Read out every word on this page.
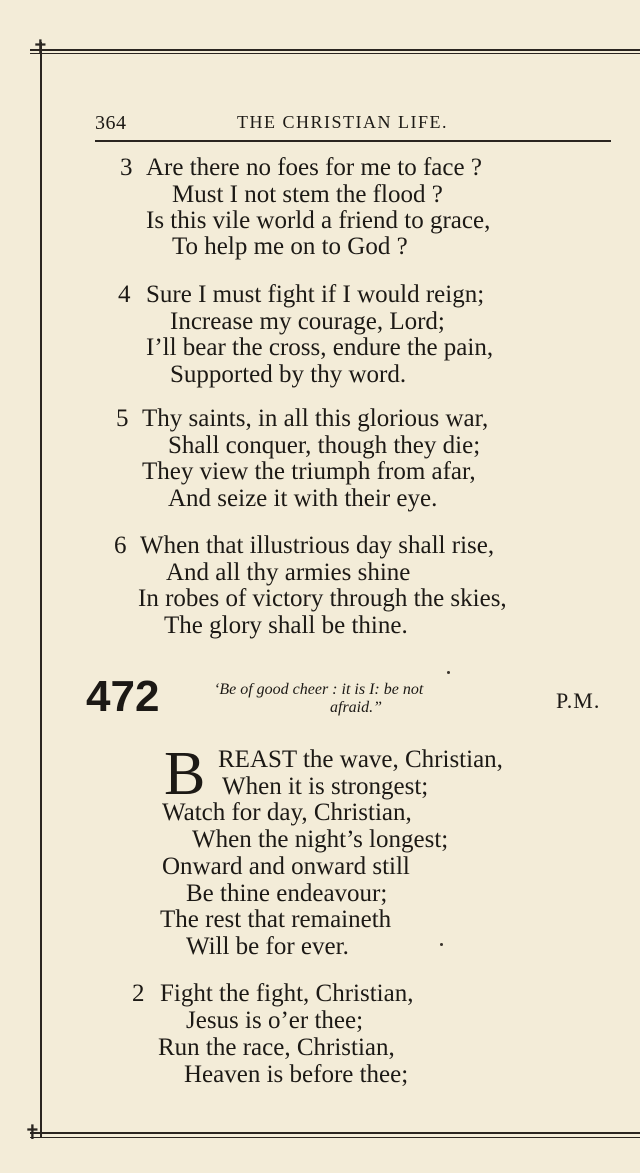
✝
✝
364	THE CHRISTIAN LIFE.
3 Are there no foes for me to face ?
Must I not stem the flood ?
Is this vile world a friend to grace,
To help me on to God ?
4 Sure I must fight if I would reign;
Increase my courage, Lord;
I’ll bear the cross, endure the pain,
Supported by thy word.
5 Thy saints, in all this glorious war,
Shall conquer, though they die;
They view the triumph from afar,
And seize it with their eye.
6 When that illustrious day shall rise,
And all thy armies shine
In robes of victory through the skies,
The glory shall be thine.
472	‘Be of good cheer : it is I: be not
afraid.”	P.M.
B REAST the wave, Christian,
When it is strongest;
Watch for day, Christian,
When the night’s longest;
Onward and onward still
Be thine endeavour;
The rest that remaineth
Will be for ever.
2 Fight the fight, Christian,
Jesus is o’er thee;
Run the race, Christian,
Heaven is before thee;
